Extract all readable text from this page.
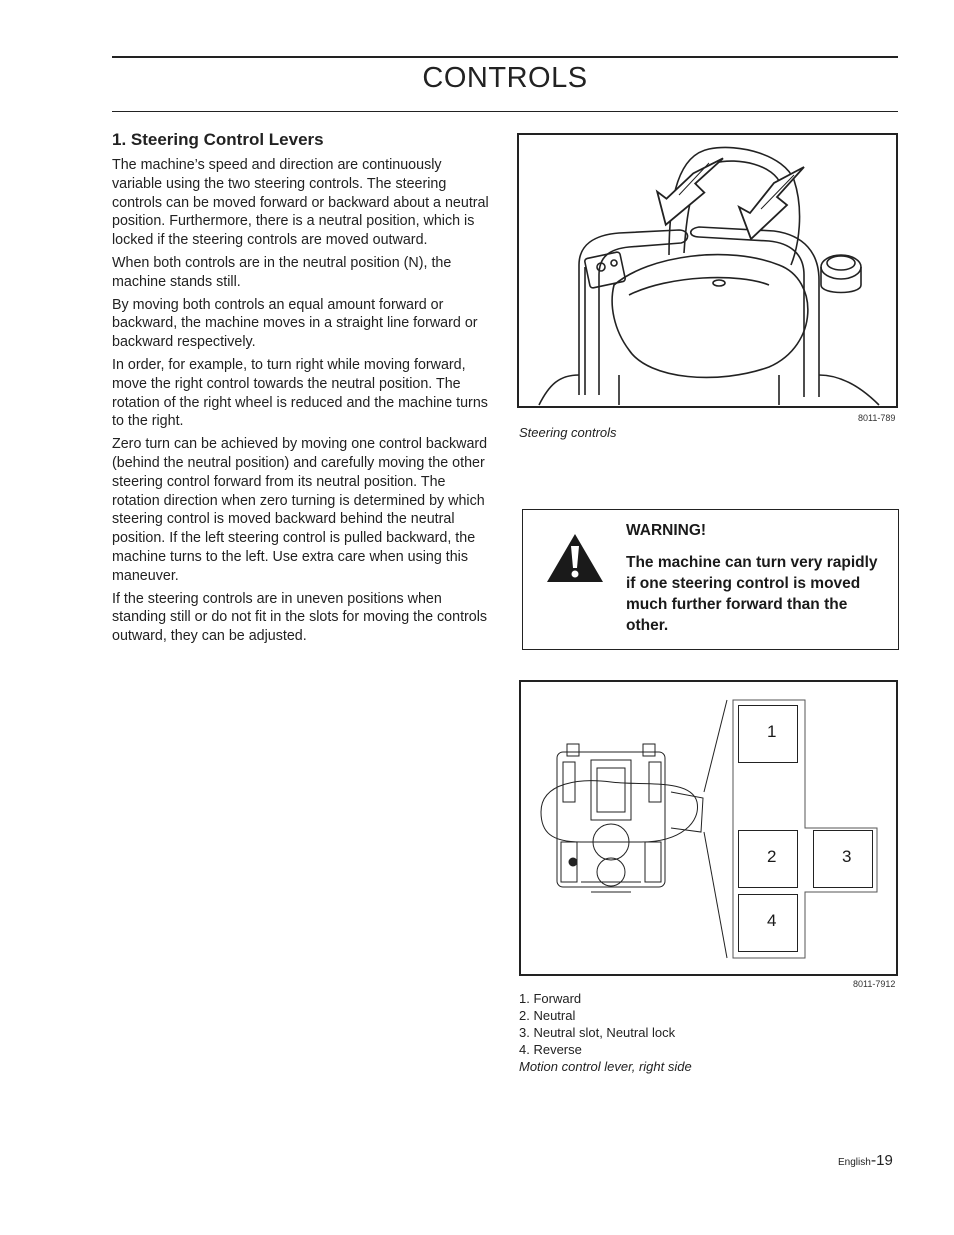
CONTROLS
1. Steering Control Levers

The machine’s speed and direction are continuously variable using the two steering controls. The steering controls can be moved forward or backward about a neutral position. Furthermore, there is a neutral position, which is locked if the steering controls are moved outward.

When both controls are in the neutral position (N), the machine stands still.

By moving both controls an equal amount forward or backward, the machine moves in a straight line forward or backward respectively.

In order, for example, to turn right while moving forward, move the right control towards the neutral position. The rotation of the right wheel is reduced and the machine turns to the right.

Zero turn can be achieved by moving one control backward (behind the neutral position) and carefully moving the other steering control forward from its neutral position. The rotation direction when zero turning is determined by which steering control is moved backward behind the neutral position. If the left steering control is pulled backward, the machine turns to the left. Use extra care when using this maneuver.

If the steering controls are in uneven positions when standing still or do not fit in the slots for moving the controls outward, they can be adjusted.

8011-789
Steering controls
WARNING!
The machine can turn very rapidly if one steering control is moved much further forward than the other.
1
2	3
4
8011-7912
1. Forward
2. Neutral
3. Neutral slot, Neutral lock
4. Reverse
Motion control lever, right side
English-19
